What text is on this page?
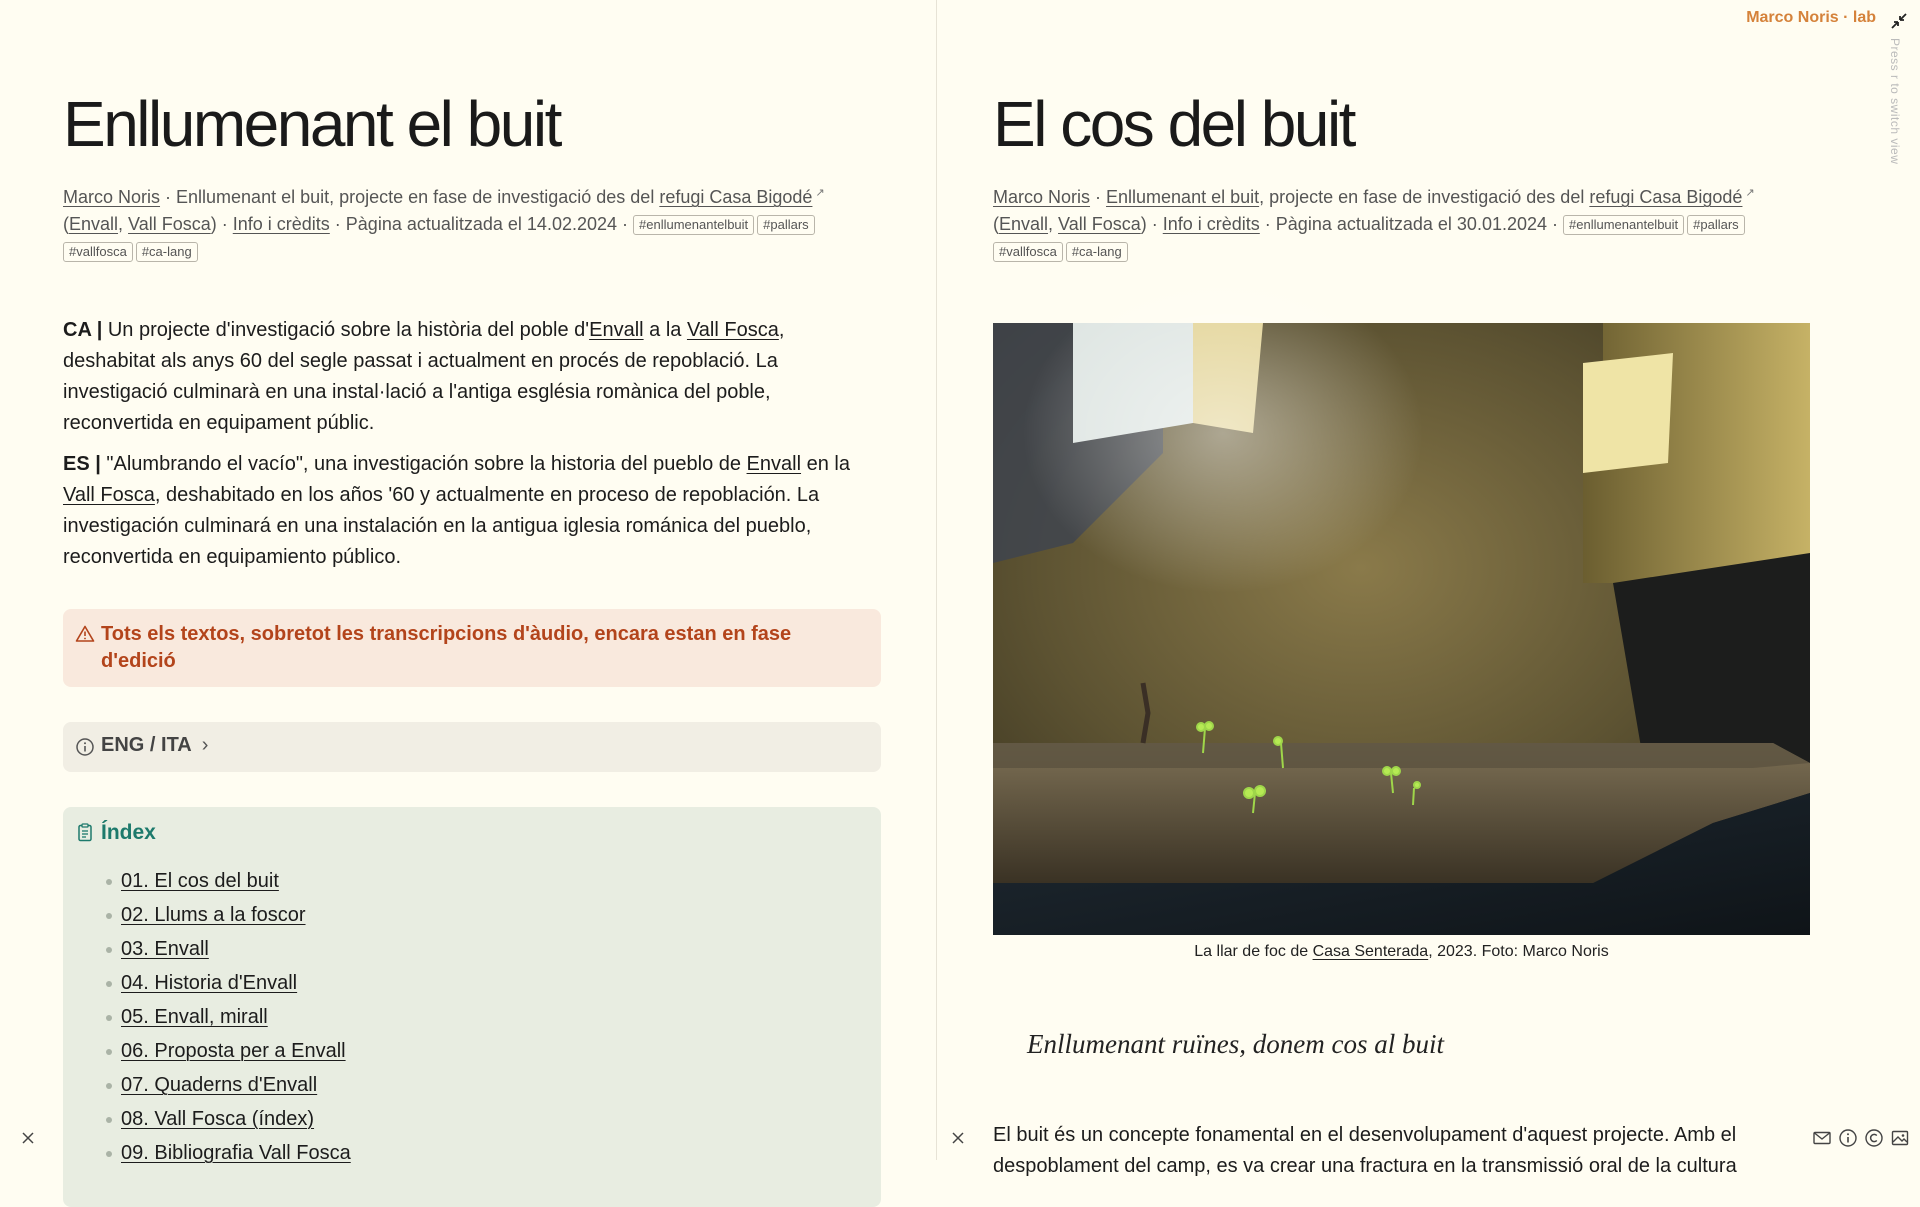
Marco Noris · lab
Press r to switch view
Enllumenant el buit
Marco Noris · Enllumenant el buit, projecte en fase de investigació des del refugi Casa Bigodé ↗
(Envall, Vall Fosca) · Info i crèdits · Pàgina actualitzada el 14.02.2024 · #enllumenantelbuit #pallars
#vallfosca #ca-lang

CA | Un projecte d'investigació sobre la història del poble d'Envall a la Vall Fosca, deshabitat als anys 60 del segle passat i actualment en procés de repoblació. La investigació culminarà en una instal·lació a l'antiga església romànica del poble, reconvertida en equipament públic.

ES | "Alumbrando el vacío", una investigación sobre la historia del pueblo de Envall en la Vall Fosca, deshabitado en los años '60 y actualmente en proceso de repoblación. La investigación culminará en una instalación en la antigua iglesia románica del pueblo, reconvertida en equipamiento público.

Tots els textos, sobretot les transcripcions d'àudio, encara estan en fase d'edició
ENG / ITA ›
Índex
01. El cos del buit
02. Llums a la foscor
03. Envall
04. Historia d'Envall
05. Envall, mirall
06. Proposta per a Envall
07. Quaderns d'Envall
08. Vall Fosca (índex)
09. Bibliografia Vall Fosca
El cos del buit
Marco Noris · Enllumenant el buit, projecte en fase de investigació des del refugi Casa Bigodé ↗
(Envall, Vall Fosca) · Info i crèdits · Pàgina actualitzada el 30.01.2024 · #enllumenantelbuit #pallars
#vallfosca #ca-lang
La llar de foc de Casa Senterada, 2023. Foto: Marco Noris
Enllumenant ruïnes, donem cos al buit

El buit és un concepte fonamental en el desenvolupament d'aquest projecte. Amb el despoblament del camp, es va crear una fractura en la transmissió oral de la cultura
